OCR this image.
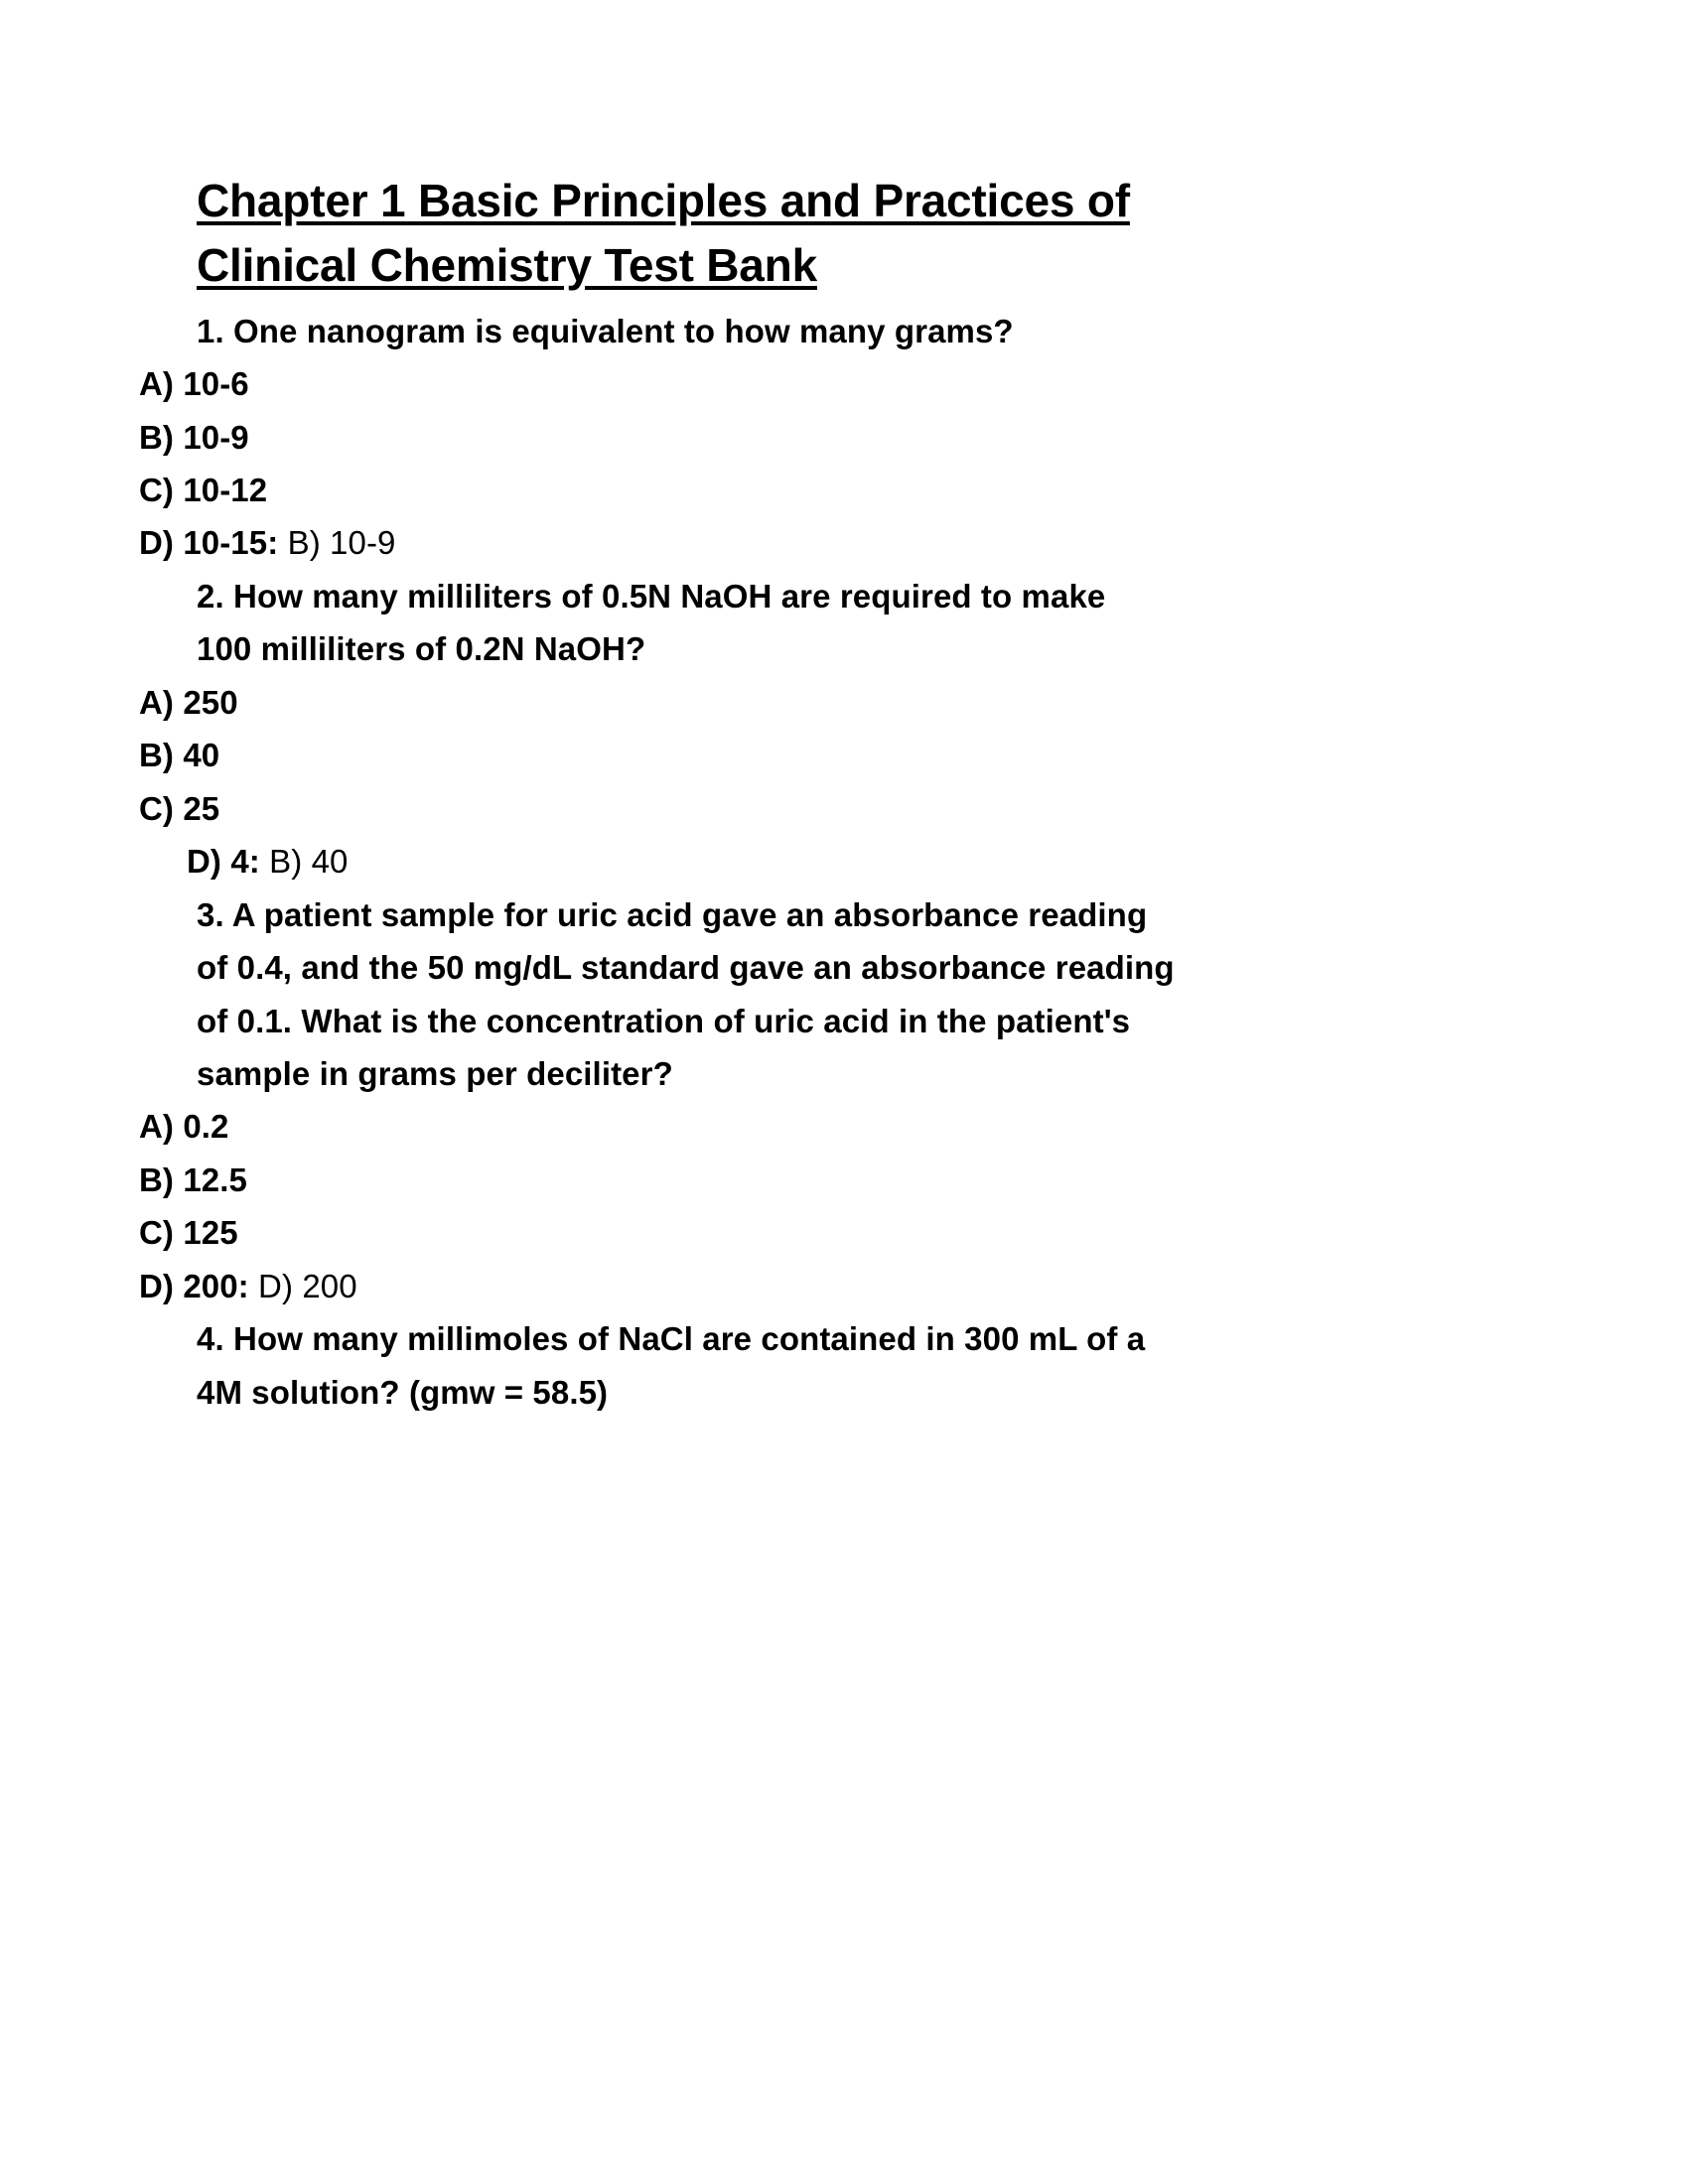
Chapter 1 Basic Principles and Practices of
Clinical Chemistry Test Bank
1. One nanogram is equivalent to how many grams?
A) 10-6
B) 10-9
C) 10-12
D) 10-15: B) 10-9
2. How many milliliters of 0.5N NaOH are required to make
100 milliliters of 0.2N NaOH?
A) 250
B) 40
C) 25
D) 4: B) 40
3. A patient sample for uric acid gave an absorbance reading
of 0.4, and the 50 mg/dL standard gave an absorbance reading
of 0.1. What is the concentration of uric acid in the patient's
sample in grams per deciliter?
A) 0.2
B) 12.5
C) 125
D) 200: D) 200
4. How many millimoles of NaCl are contained in 300 mL of a
4M solution? (gmw = 58.5)
